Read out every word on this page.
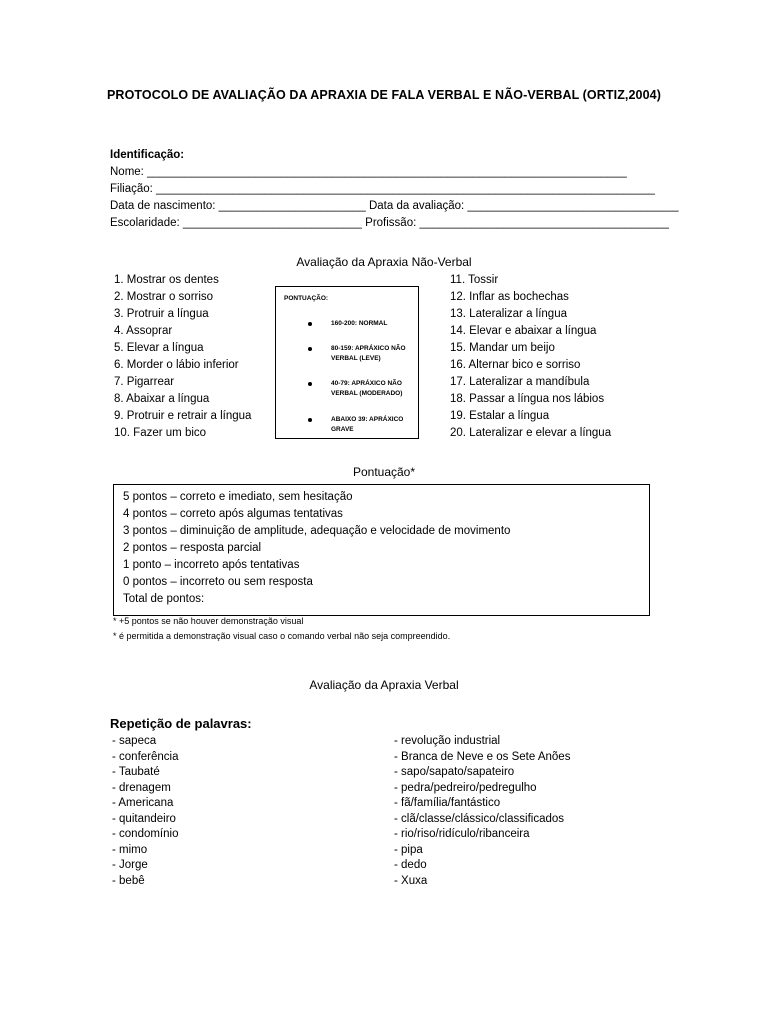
PROTOCOLO DE AVALIAÇÃO DA APRAXIA DE FALA VERBAL E NÃO-VERBAL (ORTIZ,2004)
Identificação:
Nome: ___________________________________________________________________________
Filiação: ______________________________________________________________________________
Data de nascimento: _______________________ Data da avaliação: _________________________________
Escolaridade: ____________________________ Profissão: _______________________________________
Avaliação da Apraxia Não-Verbal
1. Mostrar os dentes
2. Mostrar o sorriso
3. Protruir a língua
4. Assoprar
5. Elevar a língua
6. Morder o lábio inferior
7. Pigarrear
8. Abaixar a língua
9. Protruir e retrair a língua
10. Fazer um bico
PONTUAÇÃO:
160-200: NORMAL
80-159: APRÁXICO NÃO VERBAL (LEVE)
40-79: APRÁXICO NÃO VERBAL (MODERADO)
ABAIXO 39: APRÁXICO GRAVE
11. Tossir
12. Inflar as bochechas
13. Lateralizar a língua
14. Elevar e abaixar a língua
15. Mandar um beijo
16. Alternar bico e sorriso
17. Lateralizar a mandíbula
18. Passar a língua nos lábios
19. Estalar a língua
20. Lateralizar e elevar a língua
Pontuação*
5 pontos – correto e imediato, sem hesitação
4 pontos – correto após algumas tentativas
3 pontos – diminuição de amplitude, adequação e velocidade de movimento
2 pontos – resposta parcial
1 ponto – incorreto após tentativas
0 pontos – incorreto ou sem resposta
Total de pontos:
* +5 pontos se não houver demonstração visual
* é permitida a demonstração visual caso o comando verbal não seja compreendido.
Avaliação da Apraxia Verbal
Repetição de palavras:
- sapeca
- conferência
- Taubaté
- drenagem
- Americana
- quitandeiro
- condomínio
- mimo
- Jorge
- bebê
- revolução industrial
- Branca de Neve e os Sete Anões
- sapo/sapato/sapateiro
- pedra/pedreiro/pedregulho
- fã/família/fantástico
- clã/classe/clássico/classificados
- rio/riso/ridículo/ribanceira
- pipa
- dedo
- Xuxa
